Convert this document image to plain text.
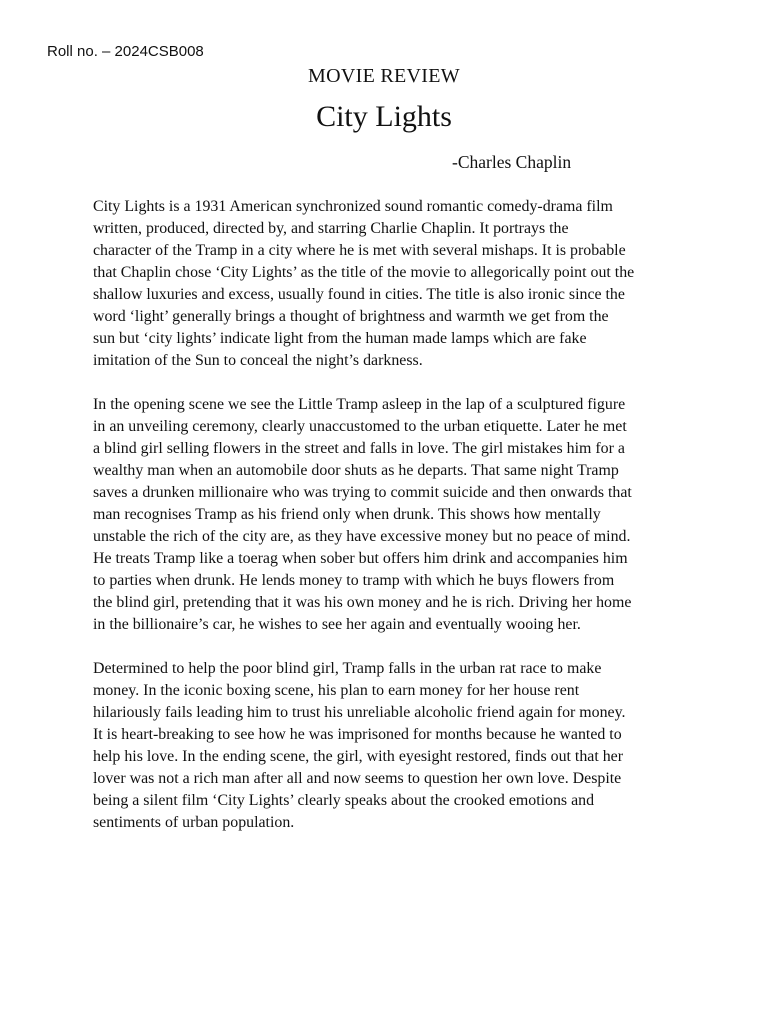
Roll no. – 2024CSB008
MOVIE REVIEW
City Lights
-Charles Chaplin

City Lights is a 1931 American synchronized sound romantic comedy-drama film
written, produced, directed by, and starring Charlie Chaplin. It portrays the
character of the Tramp in a city where he is met with several mishaps. It is probable
that Chaplin chose ‘City Lights’ as the title of the movie to allegorically point out the
shallow luxuries and excess, usually found in cities. The title is also ironic since the
word ‘light’ generally brings a thought of brightness and warmth we get from the
sun but ‘city lights’ indicate light from the human made lamps which are fake
imitation of the Sun to conceal the night’s darkness.

In the opening scene we see the Little Tramp asleep in the lap of a sculptured figure
in an unveiling ceremony, clearly unaccustomed to the urban etiquette. Later he met
a blind girl selling flowers in the street and falls in love. The girl mistakes him for a
wealthy man when an automobile door shuts as he departs. That same night Tramp
saves a drunken millionaire who was trying to commit suicide and then onwards that
man recognises Tramp as his friend only when drunk. This shows how mentally
unstable the rich of the city are, as they have excessive money but no peace of mind.
He treats Tramp like a toerag when sober but offers him drink and accompanies him
to parties when drunk. He lends money to tramp with which he buys flowers from
the blind girl, pretending that it was his own money and he is rich. Driving her home
in the billionaire’s car, he wishes to see her again and eventually wooing her.

Determined to help the poor blind girl, Tramp falls in the urban rat race to make
money. In the iconic boxing scene, his plan to earn money for her house rent
hilariously fails leading him to trust his unreliable alcoholic friend again for money.
It is heart-breaking to see how he was imprisoned for months because he wanted to
help his love. In the ending scene, the girl, with eyesight restored, finds out that her
lover was not a rich man after all and now seems to question her own love. Despite
being a silent film ‘City Lights’ clearly speaks about the crooked emotions and
sentiments of urban population.
